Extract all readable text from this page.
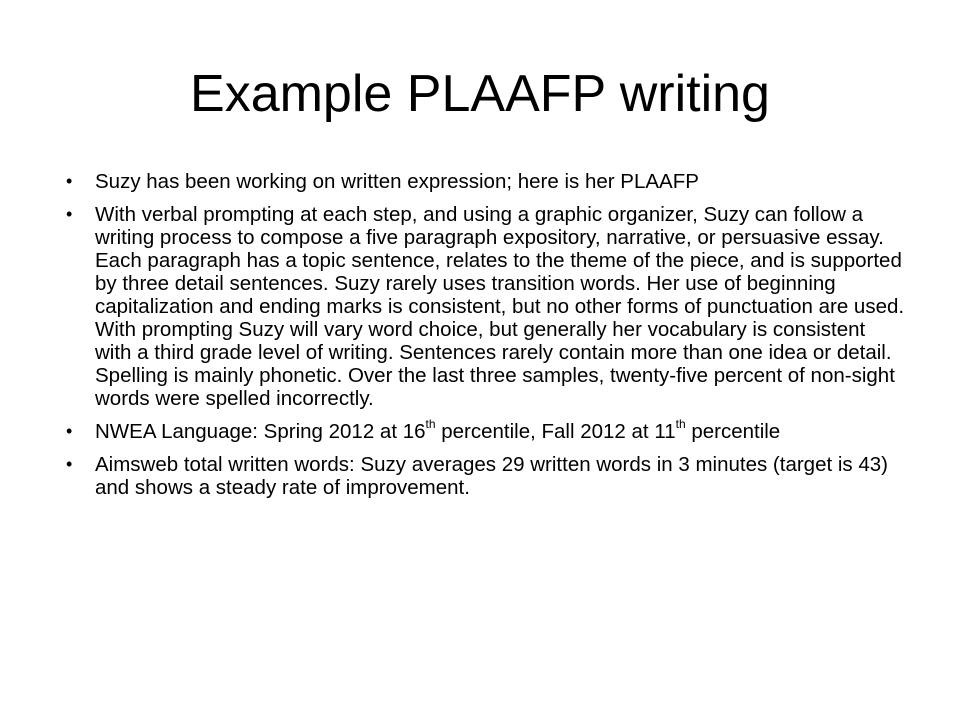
Example PLAAFP writing
•	Suzy has been working on written expression; here is her PLAAFP
•	With verbal prompting at each step, and using a graphic organizer, Suzy can follow a writing process to compose a five paragraph expository, narrative, or persuasive essay. Each paragraph has a topic sentence, relates to the theme of the piece, and is supported by three detail sentences. Suzy rarely uses transition words. Her use of beginning capitalization and ending marks is consistent, but no other forms of punctuation are used. With prompting Suzy will vary word choice, but generally her vocabulary is consistent with a third grade level of writing. Sentences rarely contain more than one idea or detail. Spelling is mainly phonetic. Over the last three samples, twenty-five percent of non-sight words were spelled incorrectly.
•	NWEA Language: Spring 2012 at 16th percentile, Fall 2012 at 11th percentile
•	Aimsweb total written words: Suzy averages 29 written words in 3 minutes (target is 43) and shows a steady rate of improvement.
